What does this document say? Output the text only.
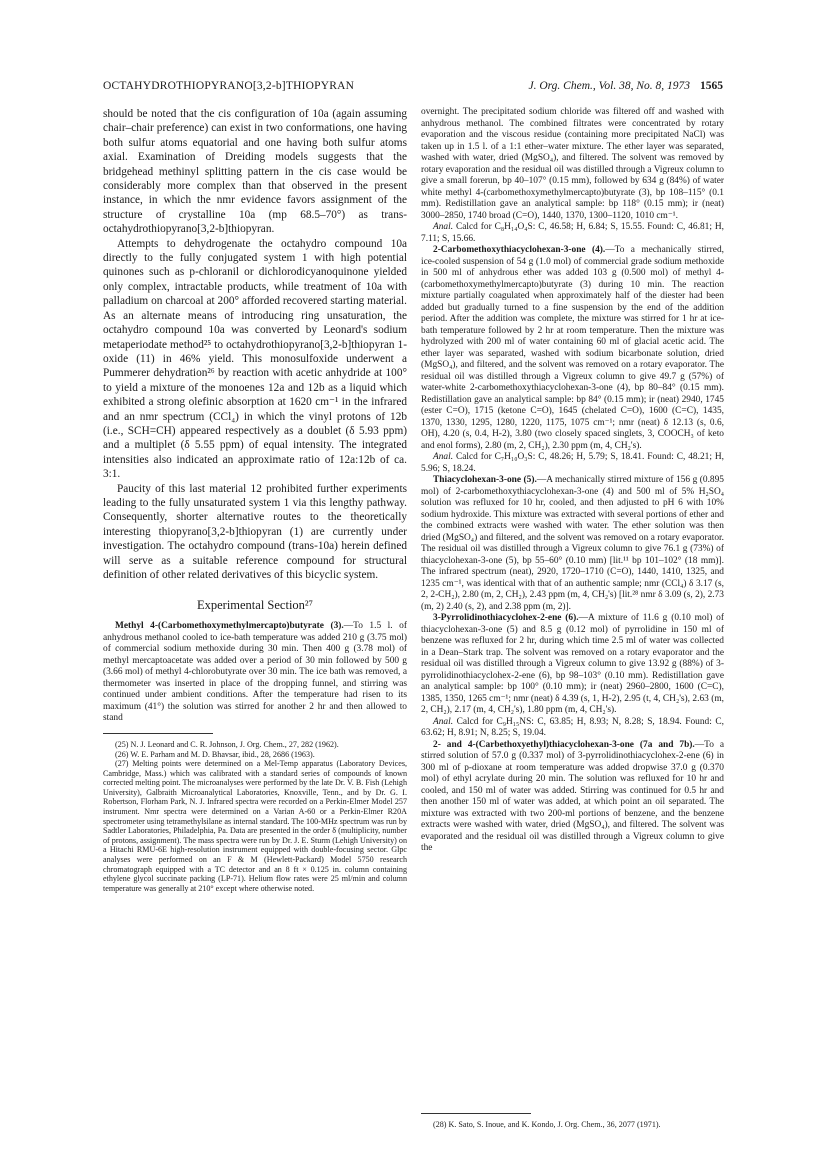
OCTAHYDROTHIOPYRANO[3,2-b]THIOPYRAN	J. Org. Chem., Vol. 38, No. 8, 1973 1565

should be noted that the cis configuration of 10a (again assuming chair–chair preference) can exist in two conformations, one having both sulfur atoms equatorial and one having both sulfur atoms axial. Examination of Dreiding models suggests that the bridgehead methinyl splitting pattern in the cis case would be considerably more complex than that observed in the present instance, in which the nmr evidence favors assignment of the structure of crystalline 10a (mp 68.5–70°) as trans-octahydrothiopyrano[3,2-b]thiopyran.

Attempts to dehydrogenate the octahydro compound 10a directly to the fully conjugated system 1 with high potential quinones such as p-chloranil or dichlorodicyanoquinone yielded only complex, intractable products, while treatment of 10a with palladium on charcoal at 200° afforded recovered starting material. As an alternate means of introducing ring unsaturation, the octahydro compound 10a was converted by Leonard's sodium metaperiodate method²⁵ to octahydrothiopyrano[3,2-b]thiopyran 1-oxide (11) in 46% yield. This monosulfoxide underwent a Pummerer dehydration²⁶ by reaction with acetic anhydride at 100° to yield a mixture of the monoenes 12a and 12b as a liquid which exhibited a strong olefinic absorption at 1620 cm⁻¹ in the infrared and an nmr spectrum (CCl₄) in which the vinyl protons of 12b (i.e., SCH=CH) appeared respectively as a doublet (δ 5.93 ppm) and a multiplet (δ 5.55 ppm) of equal intensity. The integrated intensities also indicated an approximate ratio of 12a:12b of ca. 3:1.

Paucity of this last material 12 prohibited further experiments leading to the fully unsaturated system 1 via this lengthy pathway. Consequently, shorter alternative routes to the theoretically interesting thiopyrano[3,2-b]thiopyran (1) are currently under investigation. The octahydro compound (trans-10a) herein defined will serve as a suitable reference compound for structural definition of other related derivatives of this bicyclic system.

Experimental Section²⁷

Methyl 4-(Carbomethoxymethylmercapto)butyrate (3).—To 1.5 l. of anhydrous methanol cooled to ice-bath temperature was added 210 g (3.75 mol) of commercial sodium methoxide during 30 min. Then 400 g (3.78 mol) of methyl mercaptoacetate was added over a period of 30 min followed by 500 g (3.66 mol) of methyl 4-chlorobutyrate over 30 min. The ice bath was removed, a thermometer was inserted in place of the dropping funnel, and stirring was continued under ambient conditions. After the temperature had risen to its maximum (41°) the solution was stirred for another 2 hr and then allowed to stand

(25) N. J. Leonard and C. R. Johnson, J. Org. Chem., 27, 282 (1962).

(26) W. E. Parham and M. D. Bhavsar, ibid., 28, 2686 (1963).

(27) Melting points were determined on a Mel-Temp apparatus (Laboratory Devices, Cambridge, Mass.) which was calibrated with a standard series of compounds of known corrected melting point. The microanalyses were performed by the late Dr. V. B. Fish (Lehigh University), Galbraith Microanalytical Laboratories, Knoxville, Tenn., and by Dr. G. I. Robertson, Florham Park, N. J. Infrared spectra were recorded on a Perkin-Elmer Model 257 instrument. Nmr spectra were determined on a Varian A-60 or a Perkin-Elmer R20A spectrometer using tetramethylsilane as internal standard. The 100-MHz spectrum was run by Sadtler Laboratories, Philadelphia, Pa. Data are presented in the order δ (multiplicity, number of protons, assignment). The mass spectra were run by Dr. J. E. Sturm (Lehigh University) on a Hitachi RMU-6E high-resolution instrument equipped with double-focusing sector. Glpc analyses were performed on an F & M (Hewlett-Packard) Model 5750 research chromatograph equipped with a TC detector and an 8 ft × 0.125 in. column containing ethylene glycol succinate packing (LP-71). Helium flow rates were 25 ml/min and column temperature was generally at 210° except where otherwise noted.

overnight. The precipitated sodium chloride was filtered off and washed with anhydrous methanol. The combined filtrates were concentrated by rotary evaporation and the viscous residue (containing more precipitated NaCl) was taken up in 1.5 l. of a 1:1 ether–water mixture. The ether layer was separated, washed with water, dried (MgSO₄), and filtered. The solvent was removed by rotary evaporation and the residual oil was distilled through a Vigreux column to give a small forerun, bp 40–107° (0.15 mm), followed by 634 g (84%) of water white methyl 4-(carbomethoxymethylmercapto)butyrate (3), bp 108–115° (0.1 mm). Redistillation gave an analytical sample: bp 118° (0.15 mm); ir (neat) 3000–2850, 1740 broad (C=O), 1440, 1370, 1300–1120, 1010 cm⁻¹.

Anal. Calcd for C₈H₁₄O₄S: C, 46.58; H, 6.84; S, 15.55. Found: C, 46.81; H, 7.11; S, 15.66.

2-Carbomethoxythiacyclohexan-3-one (4).—To a mechanically stirred, ice-cooled suspension of 54 g (1.0 mol) of commercial grade sodium methoxide in 500 ml of anhydrous ether was added 103 g (0.500 mol) of methyl 4-(carbomethoxymethylmercapto)butyrate (3) during 10 min. The reaction mixture partially coagulated when approximately half of the diester had been added but gradually turned to a fine suspension by the end of the addition period. After the addition was complete, the mixture was stirred for 1 hr at ice-bath temperature followed by 2 hr at room temperature. Then the mixture was hydrolyzed with 200 ml of water containing 60 ml of glacial acetic acid. The ether layer was separated, washed with sodium bicarbonate solution, dried (MgSO₄), and filtered, and the solvent was removed on a rotary evaporator. The residual oil was distilled through a Vigreux column to give 49.7 g (57%) of water-white 2-carbomethoxythiacyclohexan-3-one (4), bp 80–84° (0.15 mm). Redistillation gave an analytical sample: bp 84° (0.15 mm); ir (neat) 2940, 1745 (ester C=O), 1715 (ketone C=O), 1645 (chelated C=O), 1600 (C=C), 1435, 1370, 1330, 1295, 1280, 1220, 1175, 1075 cm⁻¹; nmr (neat) δ 12.13 (s, 0.6, OH), 4.20 (s, 0.4, H-2), 3.80 (two closely spaced singlets, 3, COOCH₃ of keto and enol forms), 2.80 (m, 2, CH₂), 2.30 ppm (m, 4, CH₂'s).

Anal. Calcd for C₇H₁₀O₃S: C, 48.26; H, 5.79; S, 18.41. Found: C, 48.21; H, 5.96; S, 18.24.

Thiacyclohexan-3-one (5).—A mechanically stirred mixture of 156 g (0.895 mol) of 2-carbomethoxythiacyclohexan-3-one (4) and 500 ml of 5% H₂SO₄ solution was refluxed for 10 hr, cooled, and then adjusted to pH 6 with 10% sodium hydroxide. This mixture was extracted with several portions of ether and the combined extracts were washed with water. The ether solution was then dried (MgSO₄) and filtered, and the solvent was removed on a rotary evaporator. The residual oil was distilled through a Vigreux column to give 76.1 g (73%) of thiacyclohexan-3-one (5), bp 55–60° (0.10 mm) [lit.¹¹ bp 101–102° (18 mm)]. The infrared spectrum (neat), 2920, 1720–1710 (C=O), 1440, 1410, 1325, and 1235 cm⁻¹, was identical with that of an authentic sample; nmr (CCl₄) δ 3.17 (s, 2, 2-CH₂), 2.80 (m, 2, CH₂), 2.43 ppm (m, 4, CH₂'s) [lit.²⁸ nmr δ 3.09 (s, 2), 2.73 (m, 2) 2.40 (s, 2), and 2.38 ppm (m, 2)].

3-Pyrrolidinothiacyclohex-2-ene (6).—A mixture of 11.6 g (0.10 mol) of thiacyclohexan-3-one (5) and 8.5 g (0.12 mol) of pyrrolidine in 150 ml of benzene was refluxed for 2 hr, during which time 2.5 ml of water was collected in a Dean–Stark trap. The solvent was removed on a rotary evaporator and the residual oil was distilled through a Vigreux column to give 13.92 g (88%) of 3-pyrrolidinothiacyclohex-2-ene (6), bp 98–103° (0.10 mm). Redistillation gave an analytical sample: bp 100° (0.10 mm); ir (neat) 2960–2800, 1600 (C=C), 1385, 1350, 1265 cm⁻¹; nmr (neat) δ 4.39 (s, 1, H-2), 2.95 (t, 4, CH₂'s), 2.63 (m, 2, CH₂), 2.17 (m, 4, CH₂'s), 1.80 ppm (m, 4, CH₂'s).

Anal. Calcd for C₉H₁₅NS: C, 63.85; H, 8.93; N, 8.28; S, 18.94. Found: C, 63.62; H, 8.91; N, 8.25; S, 19.04.

2- and 4-(Carbethoxyethyl)thiacyclohexan-3-one (7a and 7b).—To a stirred solution of 57.0 g (0.337 mol) of 3-pyrrolidinothiacyclohex-2-ene (6) in 300 ml of p-dioxane at room temperature was added dropwise 37.0 g (0.370 mol) of ethyl acrylate during 20 min. The solution was refluxed for 10 hr and cooled, and 150 ml of water was added. Stirring was continued for 0.5 hr and then another 150 ml of water was added, at which point an oil separated. The mixture was extracted with two 200-ml portions of benzene, and the benzene extracts were washed with water, dried (MgSO₄), and filtered. The solvent was evaporated and the residual oil was distilled through a Vigreux column to give the

(28) K. Sato, S. Inoue, and K. Kondo, J. Org. Chem., 36, 2077 (1971).
